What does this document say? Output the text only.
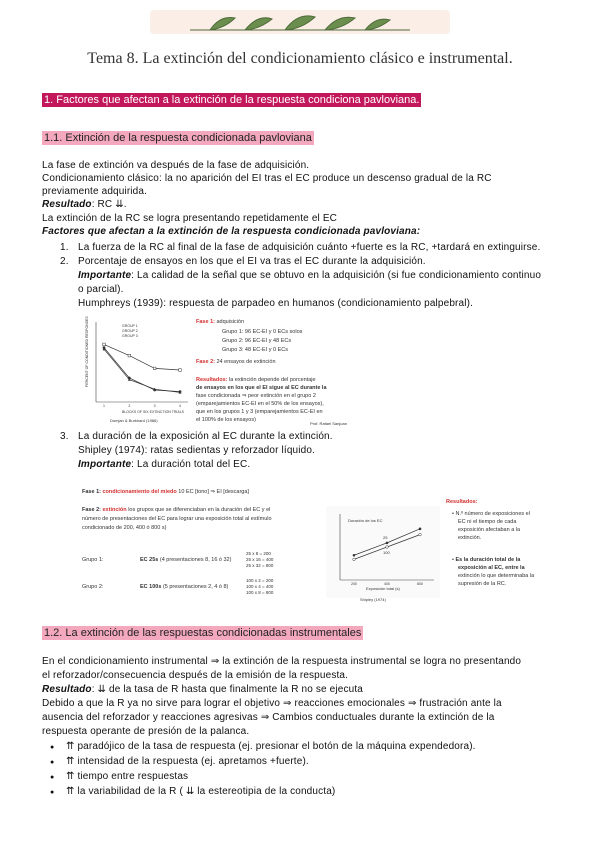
Tema 8. La extinción del condicionamiento clásico e instrumental.
1. Factores que afectan a la extinción de la respuesta condiciona pavloviana.
1.1. Extinción de la respuesta condicionada pavloviana
La fase de extinción va después de la fase de adquisición.
Condicionamiento clásico: la no aparición del EI tras el EC produce un descenso gradual de la RC
previamente adquirida.
Resultado: RC ⇊.
La extinción de la RC se logra presentando repetidamente el EC
Factores que afectan a la extinción de la respuesta condicionada pavloviana:
1. La fuerza de la RC al final de la fase de adquisición cuánto +fuerte es la RC, +tardará en extinguirse.
2. Porcentaje de ensayos en los que el EI va tras el EC durante la adquisición.
Importante: La calidad de la señal que se obtuvo en la adquisición (si fue condicionamiento continuo
o parcial).
Humphreys (1939): respuesta de parpadeo en humanos (condicionamiento palpebral).
PERCENT OF CONDITIONED RESPONSES	GROUP 1
GROUP 2
GROUP 3
1	2	3	4
BLOCKS OF SIX EXTINCTION TRIALS
Domjan & Burkhard (1986)
Fase 1: adquisición
Grupo 1: 96 EC-EI y 0 ECs solos
Grupo 2: 96 EC-EI y 48 ECs
Grupo 3: 48 EC-EI y 0 ECs
Fase 2: 24 ensayos de extinción
Resultados: la extinción depende del porcentaje
de ensayos en los que el EI sigue al EC durante la
fase condicionada ⇒ peor extinción en el grupo 2
(emparejamientos EC-EI en el 50% de los ensayos),
que en los grupos 1 y 3 (emparejamientos EC-EI en
el 100% de los ensayos)
Prof. Rafael Sanjuan
3. La duración de la exposición al EC durante la extinción.
Shipley (1974): ratas sedientas y reforzador líquido.
Importante: La duración total del EC.
Fase 1: condicionamiento del miedo 10 EC [tono] ⇒ EI [descarga]
Fase 2: extinción los grupos que se diferenciaban en la duración del EC y el
número de presentaciones del EC para lograr una exposición total al estímulo
condicionado de 200, 400 ó 800 s)
Grupo 1:	EC 25s (4 presentaciones 8, 16 ó 32)
25 x 8 = 200
25 x 16 = 400
25 x 32 = 800
Grupo 2:	EC 100s (5 presentaciones 2, 4 ó 8)
100 x 2 = 200
100 x 4 = 400
100 x 8 = 800
Duración de los EC
25
100
200	400	800
Exposición total (s)
Shipley (1974)
Resultados:
• N.º número de exposiciones el
EC ni el tiempo de cada
exposición afectaban a la
extinción.
• Es la duración total de la
exposición al EC, entre la
extinción lo que determinaba la
supresión de la RC.
1.2. La extinción de las respuestas condicionadas instrumentales
En el condicionamiento instrumental ⇒ la extinción de la respuesta instrumental se logra no presentando
el reforzador/consecuencia después de la emisión de la respuesta.
Resultado: ⇊ de la tasa de R hasta que finalmente la R no se ejecuta
Debido a que la R ya no sirve para lograr el objetivo ⇒ reacciones emocionales ⇒ frustración ante la
ausencia del reforzador y reacciones agresivas ⇒ Cambios conductuales durante la extinción de la
respuesta operante de presión de la palanca.
● ⇈ paradójico de la tasa de respuesta (ej. presionar el botón de la máquina expendedora).
● ⇈ intensidad de la respuesta (ej. apretamos +fuerte).
● ⇈ tiempo entre respuestas
● ⇈ la variabilidad de la R ( ⇊ la estereotipia de la conducta)
